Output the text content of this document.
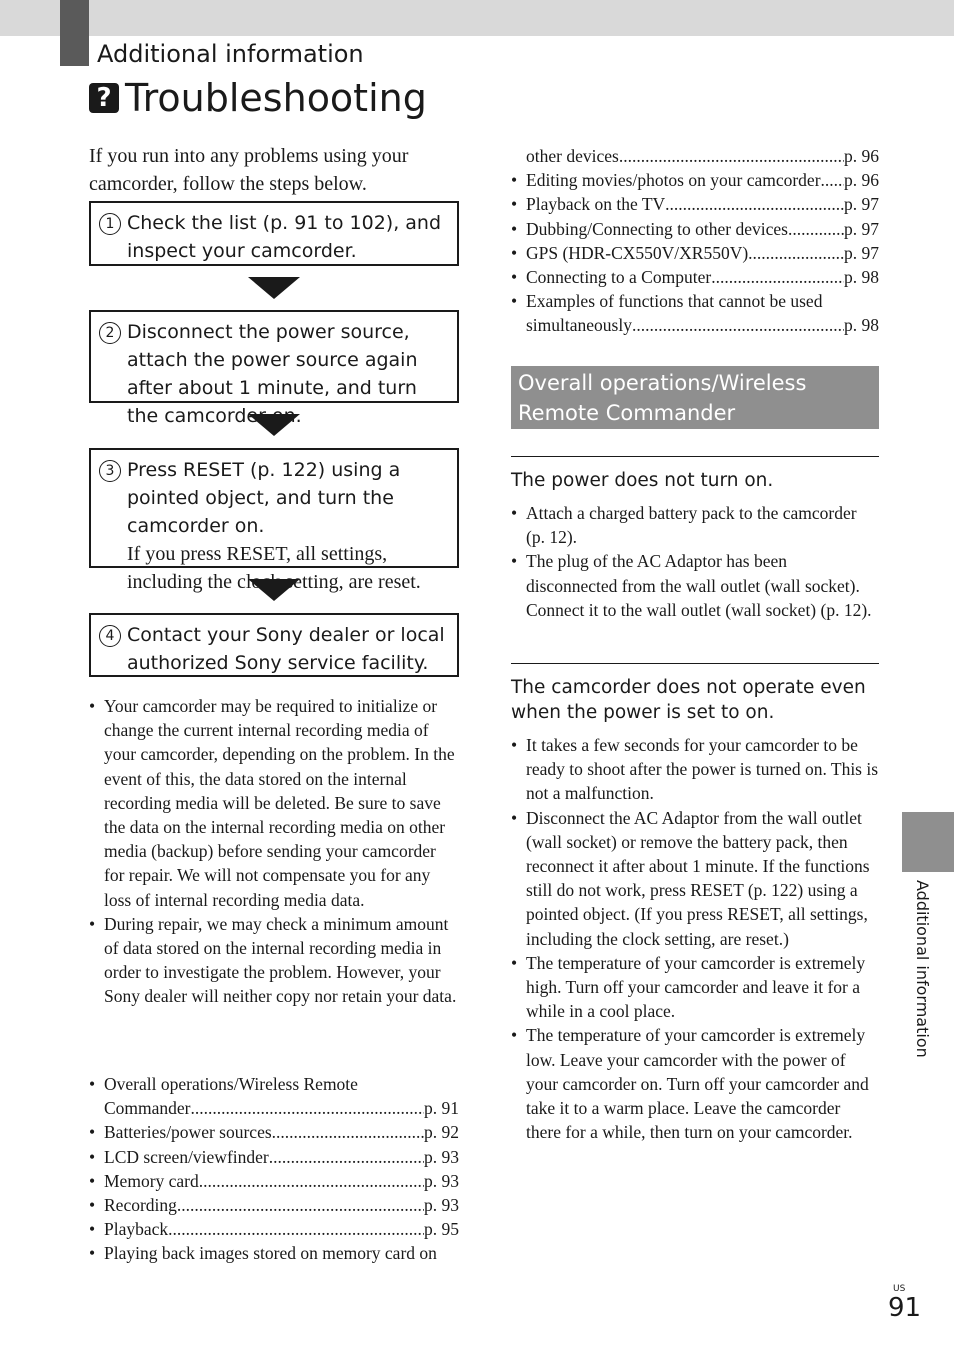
Additional information
? Troubleshooting
If you run into any problems using your camcorder, follow the steps below.
1 Check the list (p. 91 to 102), and inspect your camcorder.
2 Disconnect the power source, attach the power source again after about 1 minute, and turn the camcorder on.
3 Press RESET (p. 122) using a pointed object, and turn the camcorder on.
If you press RESET, all settings, including the clock setting, are reset.
4 Contact your Sony dealer or local authorized Sony service facility.
• Your camcorder may be required to initialize or change the current internal recording media of your camcorder, depending on the problem. In the event of this, the data stored on the internal recording media will be deleted. Be sure to save the data on the internal recording media on other media (backup) before sending your camcorder for repair. We will not compensate you for any loss of internal recording media data.
• During repair, we may check a minimum amount of data stored on the internal recording media in order to investigate the problem. However, your Sony dealer will neither copy nor retain your data.
• Overall operations/Wireless Remote
Commander .....	p. 91
• Batteries/power sources .....	p. 92
• LCD screen/viewfinder .....	p. 93
• Memory card .....	p. 93
• Recording .....	p. 93
• Playback .....	p. 95
• Playing back images stored on memory card on
other devices .....	p. 96
• Editing movies/photos on your camcorder ..... p. 96
• Playback on the TV .....	p. 97
• Dubbing/Connecting to other devices .....	p. 97
• GPS (HDR-CX550V/XR550V) .....	p. 97
• Connecting to a Computer .....	p. 98
• Examples of functions that cannot be used
simultaneously .....	p. 98
Overall operations/Wireless Remote Commander
The power does not turn on.
• Attach a charged battery pack to the camcorder (p. 12).
• The plug of the AC Adaptor has been disconnected from the wall outlet (wall socket). Connect it to the wall outlet (wall socket) (p. 12).
The camcorder does not operate even when the power is set to on.
• It takes a few seconds for your camcorder to be ready to shoot after the power is turned on. This is not a malfunction.
• Disconnect the AC Adaptor from the wall outlet (wall socket) or remove the battery pack, then reconnect it after about 1 minute. If the functions still do not work, press RESET (p. 122) using a pointed object. (If you press RESET, all settings, including the clock setting, are reset.)
• The temperature of your camcorder is extremely high. Turn off your camcorder and leave it for a while in a cool place.
• The temperature of your camcorder is extremely low. Leave your camcorder with the power of your camcorder on. Turn off your camcorder and take it to a warm place. Leave the camcorder there for a while, then turn on your camcorder.
Additional information
US
91
